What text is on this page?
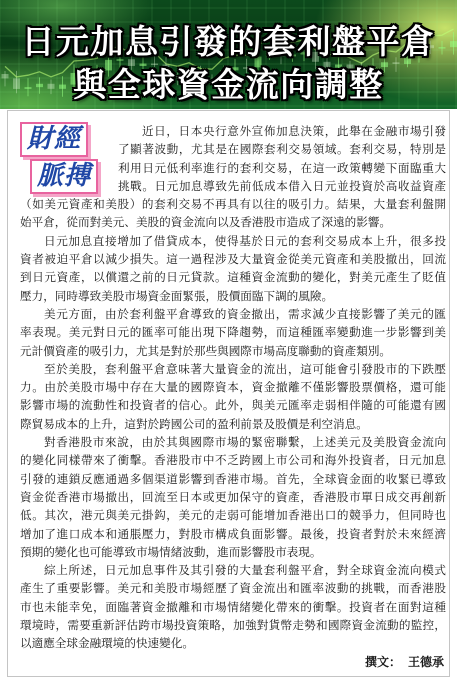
日元加息引發的套利盤平倉
與全球資金流向調整
財經
脈搏
近日，日本央行意外宣佈加息決策，此舉在金融市場引發
了顯著波動，尤其是在國際套利交易領域。套利交易，特別是
利用日元低利率進行的套利交易，在這一政策轉變下面臨重大
挑戰。日元加息導致先前低成本借入日元並投資於高收益資產
（如美元資產和美股）的套利交易不再具有以往的吸引力。結果，大量套利盤開
始平倉，從而對美元、美股的資金流向以及香港股市造成了深遠的影響。
日元加息直接增加了借貸成本，使得基於日元的套利交易成本上升，很多投
資者被迫平倉以減少損失。這一過程涉及大量資金從美元資產和美股撤出，回流
到日元資產，以償還之前的日元貸款。這種資金流動的變化，對美元產生了貶值
壓力，同時導致美股市場資金面緊張，股價面臨下調的風險。
美元方面，由於套利盤平倉導致的資金撤出，需求減少直接影響了美元的匯
率表現。美元對日元的匯率可能出現下降趨勢，而這種匯率變動進一步影響到美
元計價資產的吸引力，尤其是對於那些與國際市場高度聯動的資產類別。
至於美股，套利盤平倉意味著大量資金的流出，這可能會引發股市的下跌壓
力。由於美股市場中存在大量的國際資本，資金撤離不僅影響股票價格，還可能
影響市場的流動性和投資者的信心。此外，與美元匯率走弱相伴隨的可能還有國
際貿易成本的上升，這對於跨國公司的盈利前景及股價是利空消息。
對香港股市來說，由於其與國際市場的緊密聯繫，上述美元及美股資金流向
的變化同樣帶來了衝擊。香港股市中不乏跨國上市公司和海外投資者，日元加息
引發的連鎖反應通過多個渠道影響到香港市場。首先，全球資金面的收緊已導致
資金從香港市場撤出，回流至日本或更加保守的資產，香港股市單日成交再創新
低。其次，港元與美元掛鈎，美元的走弱可能增加香港出口的競爭力，但同時也
增加了進口成本和通脹壓力，對股市構成負面影響。最後，投資者對於未來經濟
預期的變化也可能導致市場情緒波動，進而影響股市表現。
綜上所述，日元加息事件及其引發的大量套利盤平倉，對全球資金流向模式
產生了重要影響。美元和美股市場經歷了資金流出和匯率波動的挑戰，而香港股
市也未能幸免，面臨著資金撤離和市場情緒變化帶來的衝擊。投資者在面對這種
環境時，需要重新評估跨市場投資策略，加強對貨幣走勢和國際資金流動的監控，
以適應全球金融環境的快速變化。
撰文： 王德承
